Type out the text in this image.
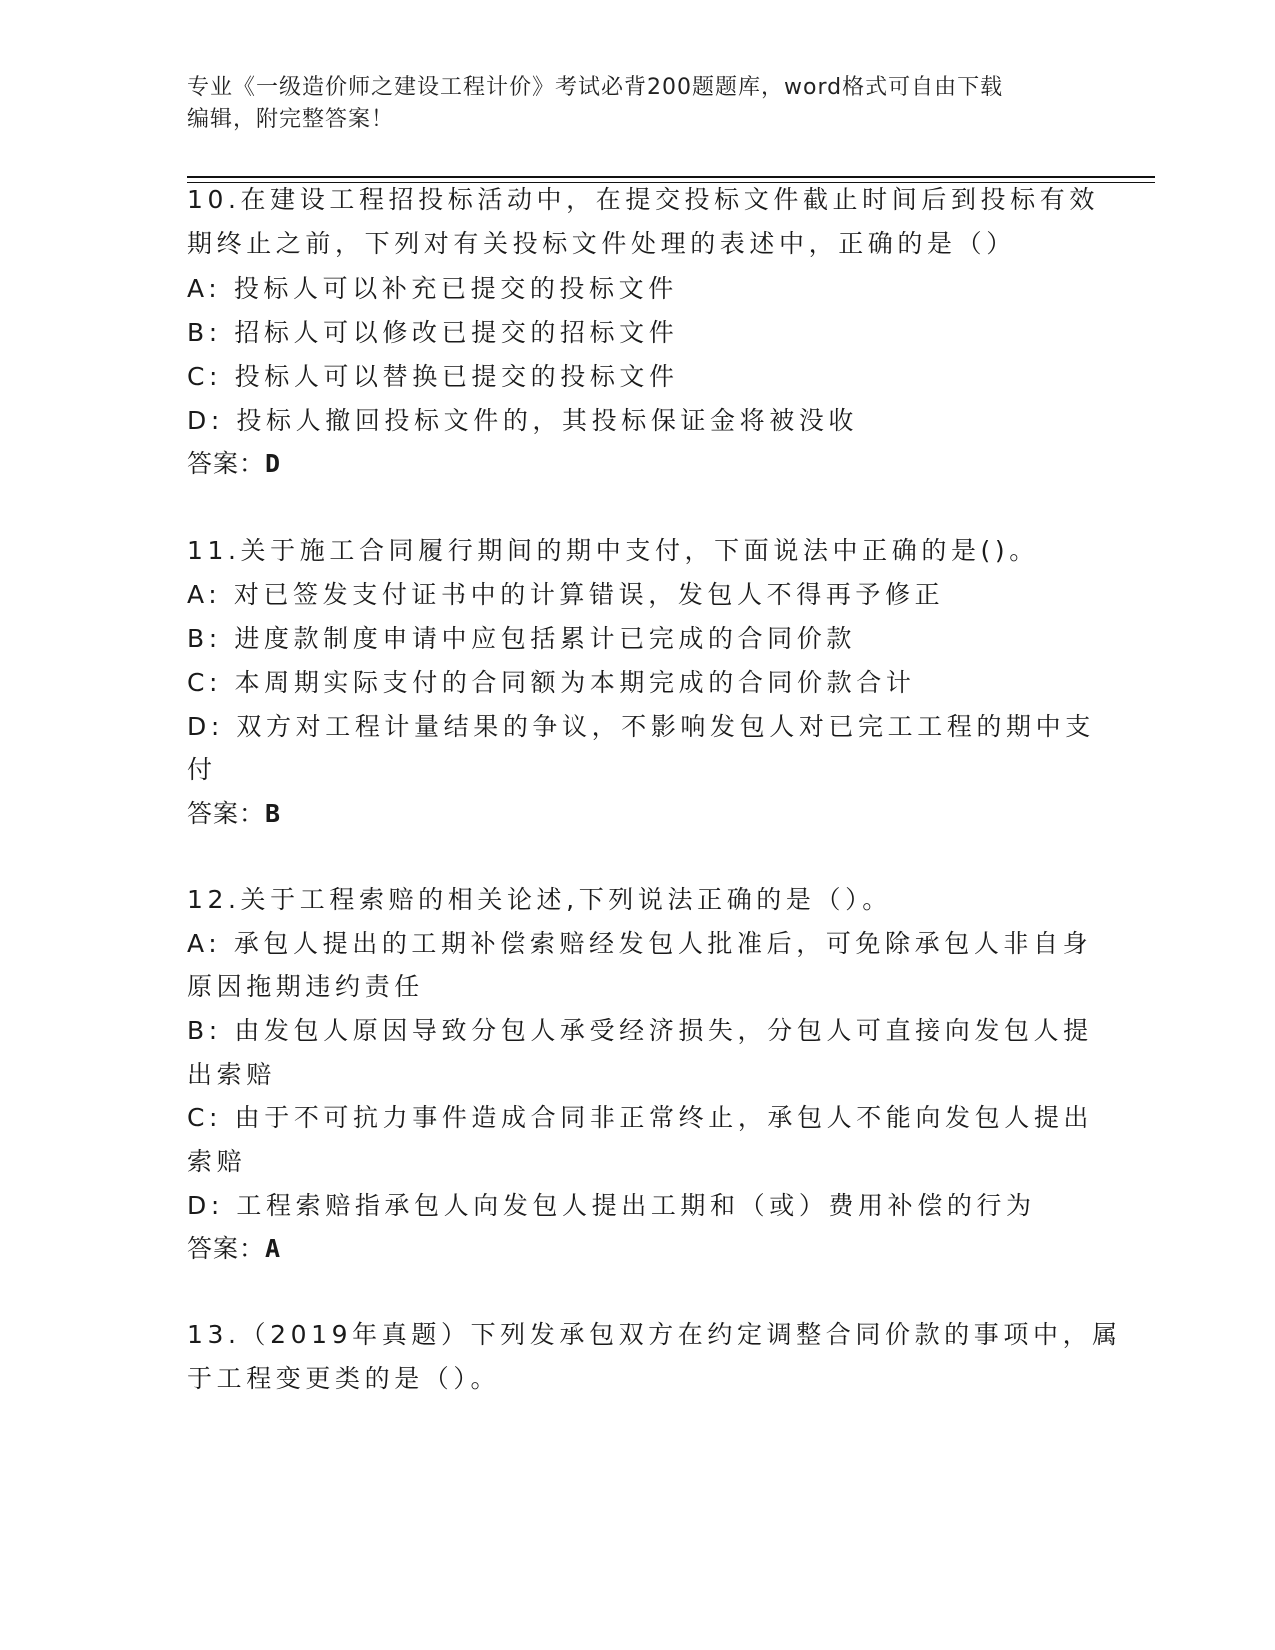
专业《一级造价师之建设工程计价》考试必背200题题库，word格式可自由下载
编辑，附完整答案！
10.在建设工程招投标活动中，在提交投标文件截止时间后到投标有效
期终止之前，下列对有关投标文件处理的表述中，正确的是（）
A: 投标人可以补充已提交的投标文件
B: 招标人可以修改已提交的招标文件
C: 投标人可以替换已提交的投标文件
D: 投标人撤回投标文件的，其投标保证金将被没收
答案：D
11.关于施工合同履行期间的期中支付，下面说法中正确的是()。
A: 对已签发支付证书中的计算错误，发包人不得再予修正
B: 进度款制度申请中应包括累计已完成的合同价款
C: 本周期实际支付的合同额为本期完成的合同价款合计
D: 双方对工程计量结果的争议，不影响发包人对已完工工程的期中支
付
答案：B
12.关于工程索赔的相关论述,下列说法正确的是（）。
A: 承包人提出的工期补偿索赔经发包人批准后，可免除承包人非自身
原因拖期违约责任
B: 由发包人原因导致分包人承受经济损失，分包人可直接向发包人提
出索赔
C: 由于不可抗力事件造成合同非正常终止，承包人不能向发包人提出
索赔
D: 工程索赔指承包人向发包人提出工期和（或）费用补偿的行为
答案：A
13.（2019年真题）下列发承包双方在约定调整合同价款的事项中，属
于工程变更类的是（）。
